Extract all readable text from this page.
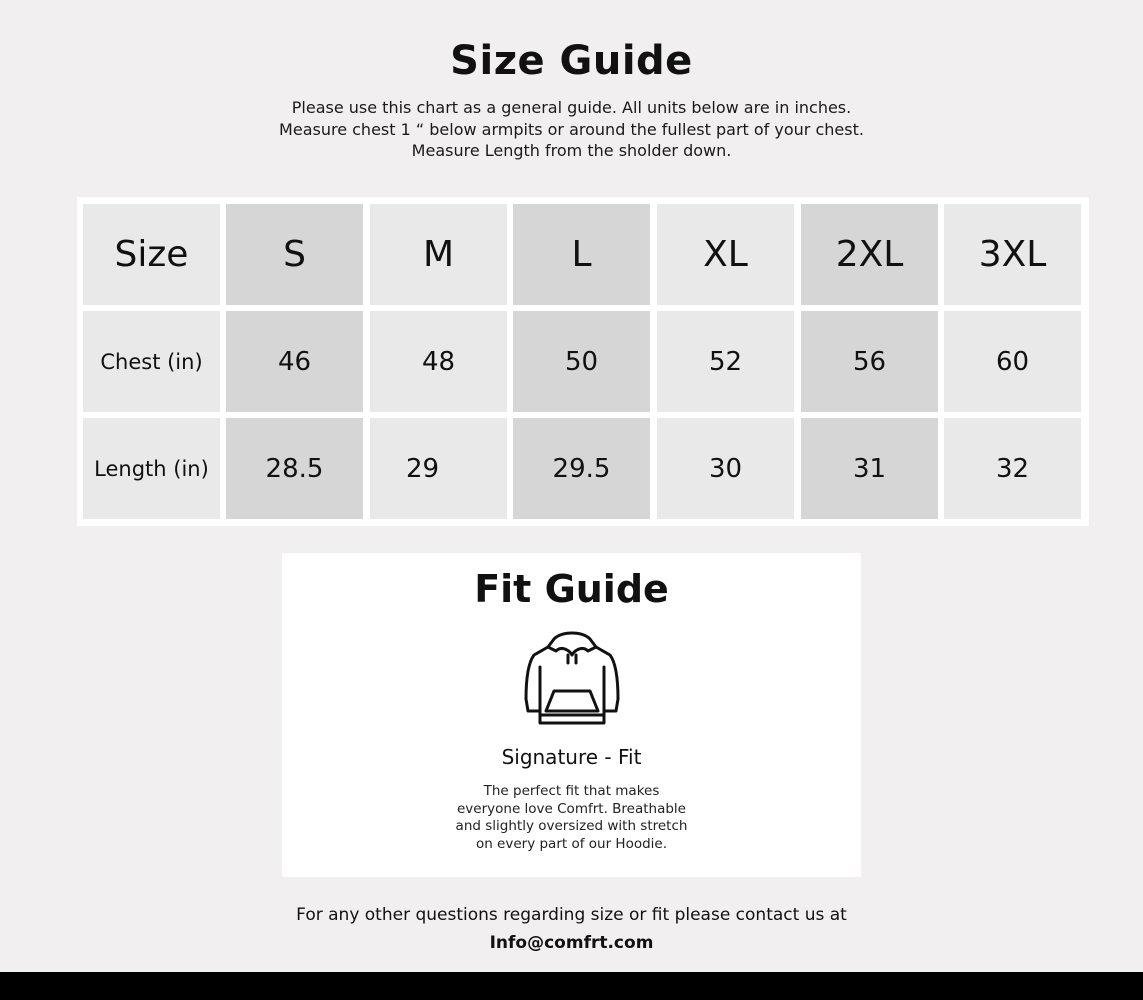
Size Guide
Please use this chart as a general guide. All units below are in inches.
Measure chest 1 “ below armpits or around the fullest part of your chest.
Measure Length from the sholder down.
Size	S	M	L	XL	2XL	3XL
Chest (in)	46	48	50	52	56	60
Length (in)	28.5	29	29.5	30	31	32
Fit Guide
Signature - Fit
The perfect fit that makes
everyone love Comfrt. Breathable
and slightly oversized with stretch
on every part of our Hoodie.
For any other questions regarding size or fit please contact us at
Info@comfrt.com
